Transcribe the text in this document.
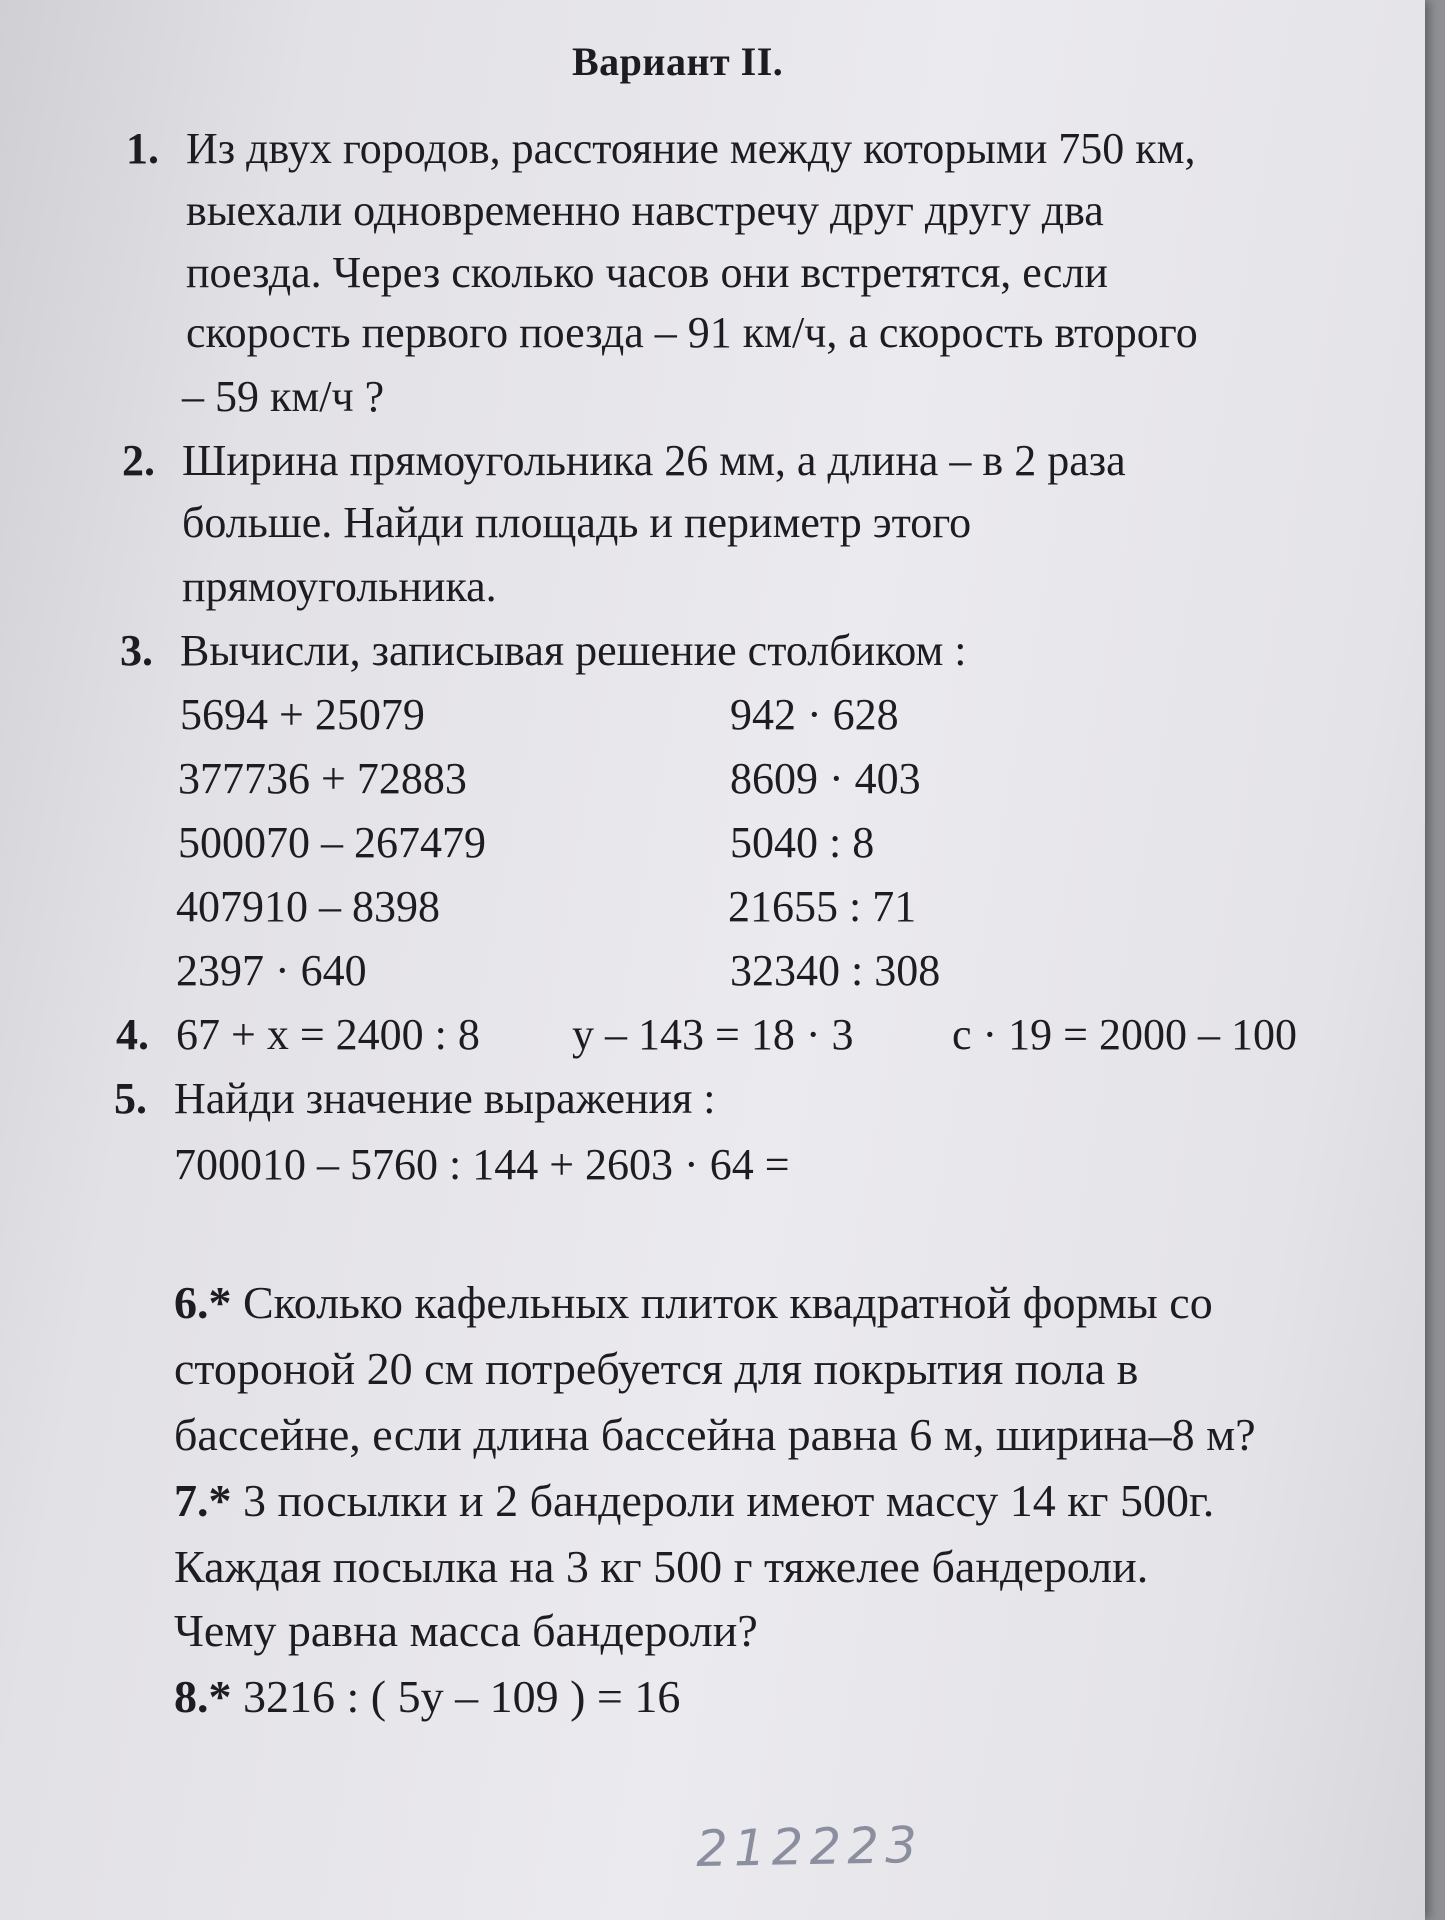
Вариант II.
1. Из двух городов, расстояние между которыми 750 км,
выехали одновременно навстречу друг другу два
поезда. Через сколько часов они встретятся, если
скорость первого поезда – 91 км/ч, а скорость второго
– 59 км/ч ?
2. Ширина прямоугольника 26 мм, а длина – в 2 раза
больше. Найди площадь и периметр этого
прямоугольника.
3. Вычисли, записывая решение столбиком :
5694 + 25079
377736 + 72883
500070 – 267479
407910 – 8398
2397 · 640
942 · 628
8609 · 403
5040 : 8
21655 : 71
32340 : 308
4. 67 + x = 2400 : 8 y – 143 = 18 · 3 c · 19 = 2000 – 100
5. Найди значение выражения :
700010 – 5760 : 144 + 2603 · 64 =
6.* Сколько кафельных плиток квадратной формы со
стороной 20 см потребуется для покрытия пола в
бассейне, если длина бассейна равна 6 м, ширина–8 м?
7.* 3 посылки и 2 бандероли имеют массу 14 кг 500г.
Каждая посылка на 3 кг 500 г тяжелее бандероли.
Чему равна масса бандероли?
8.* 3216 : ( 5y – 109 ) = 16
212223
